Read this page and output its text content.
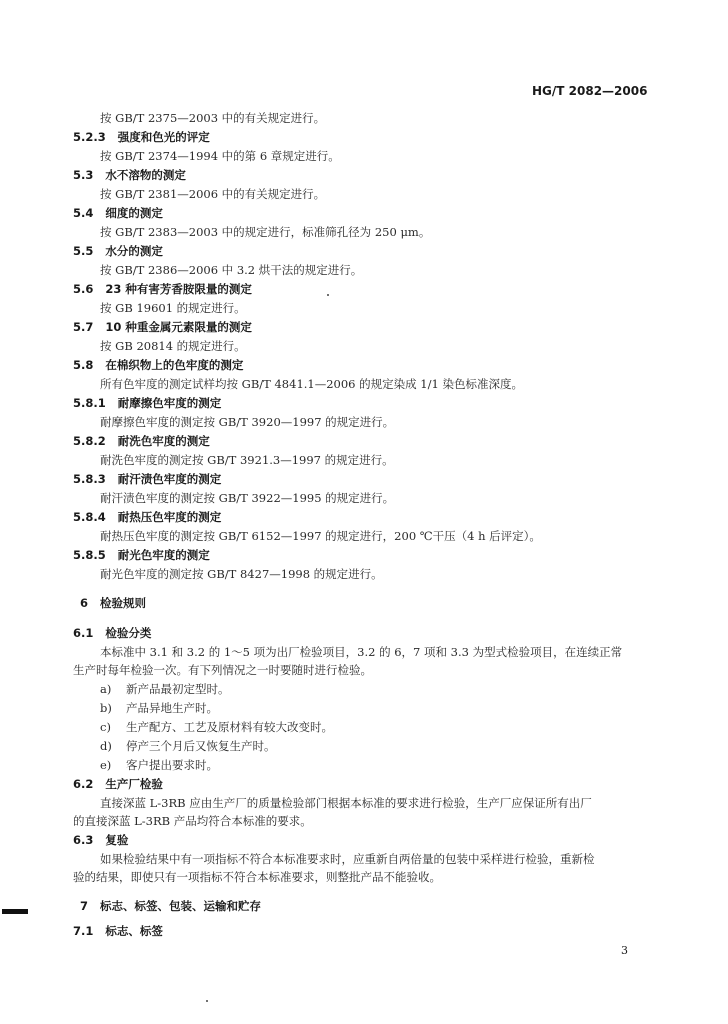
HG/T 2082—2006
按 GB/T 2375—2003 中的有关规定进行。
5.2.3 强度和色光的评定
按 GB/T 2374—1994 中的第 6 章规定进行。
5.3 水不溶物的测定
按 GB/T 2381—2006 中的有关规定进行。
5.4 细度的测定
按 GB/T 2383—2003 中的规定进行，标准筛孔径为 250 μm。
5.5 水分的测定
按 GB/T 2386—2006 中 3.2 烘干法的规定进行。
5.6 23 种有害芳香胺限量的测定
按 GB 19601 的规定进行。
5.7 10 种重金属元素限量的测定
按 GB 20814 的规定进行。
5.8 在棉织物上的色牢度的测定
所有色牢度的测定试样均按 GB/T 4841.1—2006 的规定染成 1/1 染色标准深度。
5.8.1 耐摩擦色牢度的测定
耐摩擦色牢度的测定按 GB/T 3920—1997 的规定进行。
5.8.2 耐洗色牢度的测定
耐洗色牢度的测定按 GB/T 3921.3—1997 的规定进行。
5.8.3 耐汗渍色牢度的测定
耐汗渍色牢度的测定按 GB/T 3922—1995 的规定进行。
5.8.4 耐热压色牢度的测定
耐热压色牢度的测定按 GB/T 6152—1997 的规定进行，200 ℃干压（4 h 后评定）。
5.8.5 耐光色牢度的测定
耐光色牢度的测定按 GB/T 8427—1998 的规定进行。
6 检验规则
6.1 检验分类
本标准中 3.1 和 3.2 的 1～5 项为出厂检验项目，3.2 的 6，7 项和 3.3 为型式检验项目，在连续正常
生产时每年检验一次。有下列情况之一时要随时进行检验。
a) 新产品最初定型时。
b) 产品异地生产时。
c) 生产配方、工艺及原材料有较大改变时。
d) 停产三个月后又恢复生产时。
e) 客户提出要求时。
6.2 生产厂检验
直接深蓝 L-3RB 应由生产厂的质量检验部门根据本标准的要求进行检验，生产厂应保证所有出厂
的直接深蓝 L-3RB 产品均符合本标准的要求。
6.3 复验
如果检验结果中有一项指标不符合本标准要求时，应重新自两倍量的包装中采样进行检验，重新检
验的结果，即使只有一项指标不符合本标准要求，则整批产品不能验收。
7 标志、标签、包装、运输和贮存
7.1 标志、标签
3
